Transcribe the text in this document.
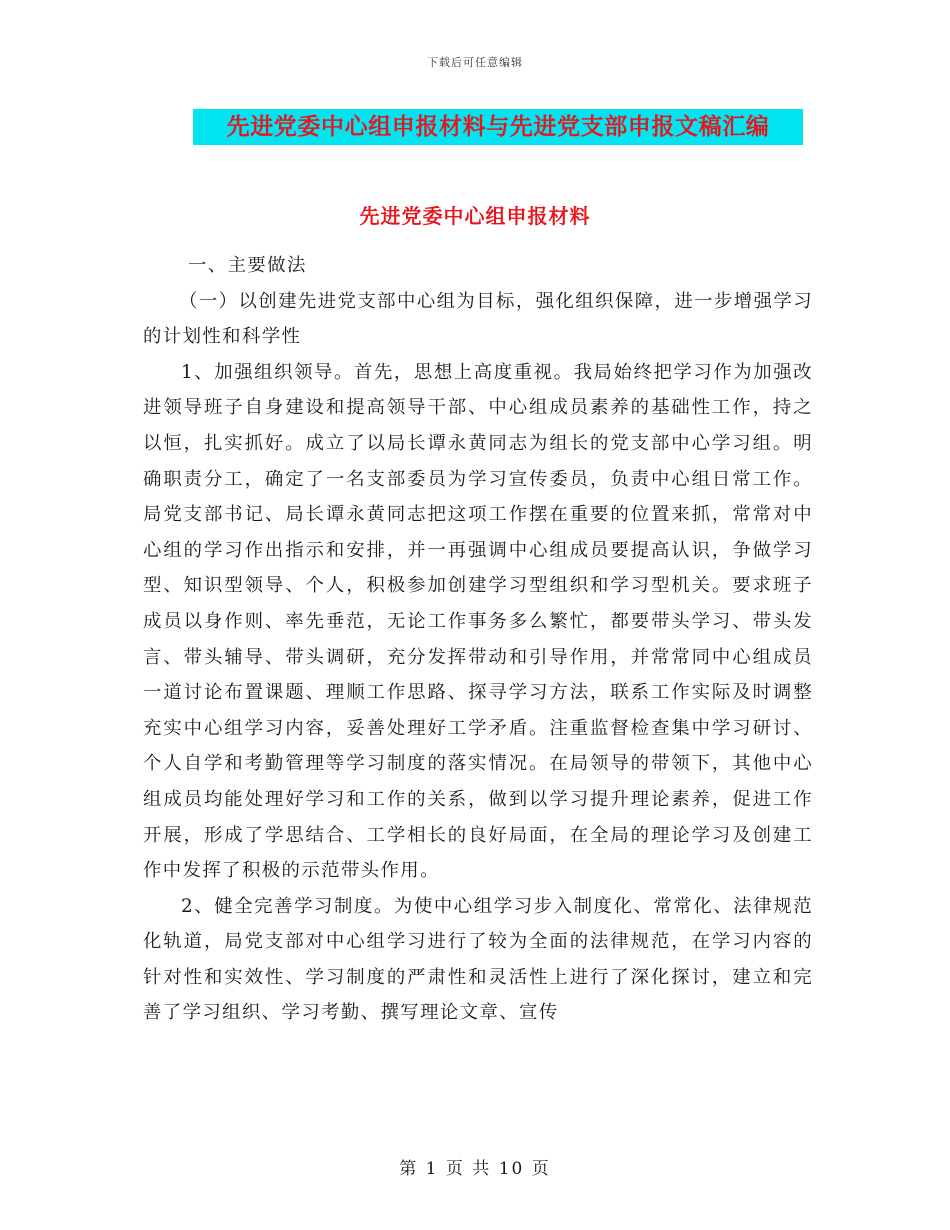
下载后可任意编辑
先进党委中心组申报材料与先进党支部申报文稿汇编
先进党委中心组申报材料

一、主要做法

（一）以创建先进党支部中心组为目标，强化组织保障，进一步增强学习的计划性和科学性

1、加强组织领导。首先，思想上高度重视。我局始终把学习作为加强改进领导班子自身建设和提高领导干部、中心组成员素养的基础性工作，持之以恒，扎实抓好。成立了以局长谭永黄同志为组长的党支部中心学习组。明确职责分工，确定了一名支部委员为学习宣传委员，负责中心组日常工作。局党支部书记、局长谭永黄同志把这项工作摆在重要的位置来抓，常常对中心组的学习作出指示和安排，并一再强调中心组成员要提高认识，争做学习型、知识型领导、个人，积极参加创建学习型组织和学习型机关。要求班子成员以身作则、率先垂范，无论工作事务多么繁忙，都要带头学习、带头发言、带头辅导、带头调研，充分发挥带动和引导作用，并常常同中心组成员一道讨论布置课题、理顺工作思路、探寻学习方法，联系工作实际及时调整充实中心组学习内容，妥善处理好工学矛盾。注重监督检查集中学习研讨、个人自学和考勤管理等学习制度的落实情况。在局领导的带领下，其他中心组成员均能处理好学习和工作的关系，做到以学习提升理论素养，促进工作开展，形成了学思结合、工学相长的良好局面，在全局的理论学习及创建工作中发挥了积极的示范带头作用。

2、健全完善学习制度。为使中心组学习步入制度化、常常化、法律规范化轨道，局党支部对中心组学习进行了较为全面的法律规范，在学习内容的针对性和实效性、学习制度的严肃性和灵活性上进行了深化探讨，建立和完善了学习组织、学习考勤、撰写理论文章、宣传

第 1 页 共 10 页
